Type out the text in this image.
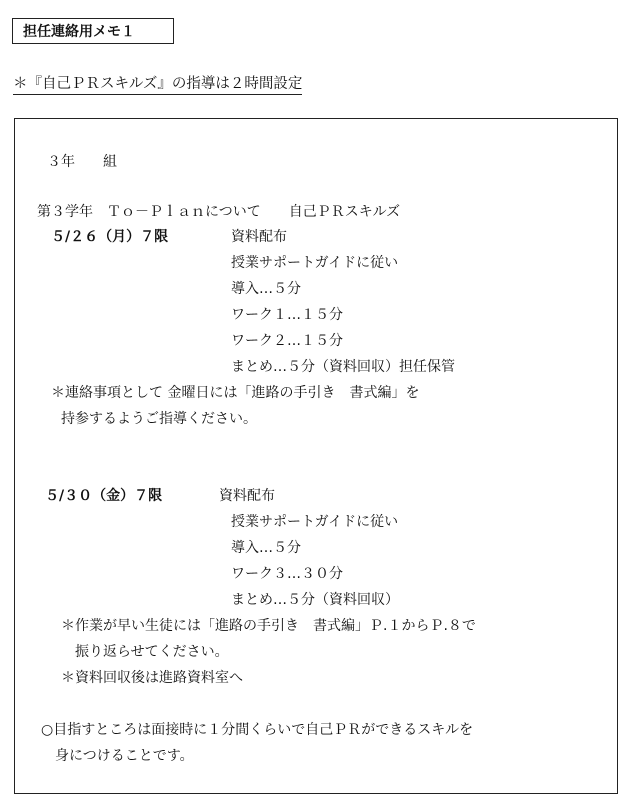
担任連絡用メモ１
＊『自己ＰＲスキルズ』の指導は２時間設定
３年　　組
第３学年　Ｔｏ－Ｐｌａｎについて　　自己ＰＲスキルズ
５/２６（月）７限	資料配布
授業サポートガイドに従い
導入…５分
ワーク１…１５分
ワーク２…１５分
まとめ…５分（資料回収）担任保管
＊連絡事項として 金曜日には「進路の手引き　書式編」を
持参するようご指導ください。
５/３０（金）７限	資料配布
授業サポートガイドに従い
導入…５分
ワーク３…３０分
まとめ…５分（資料回収）
＊作業が早い生徒には「進路の手引き　書式編」Ｐ.１からＰ.８で
振り返らせてください。
＊資料回収後は進路資料室へ
○目指すところは面接時に１分間くらいで自己ＰＲができるスキルを
身につけることです。
